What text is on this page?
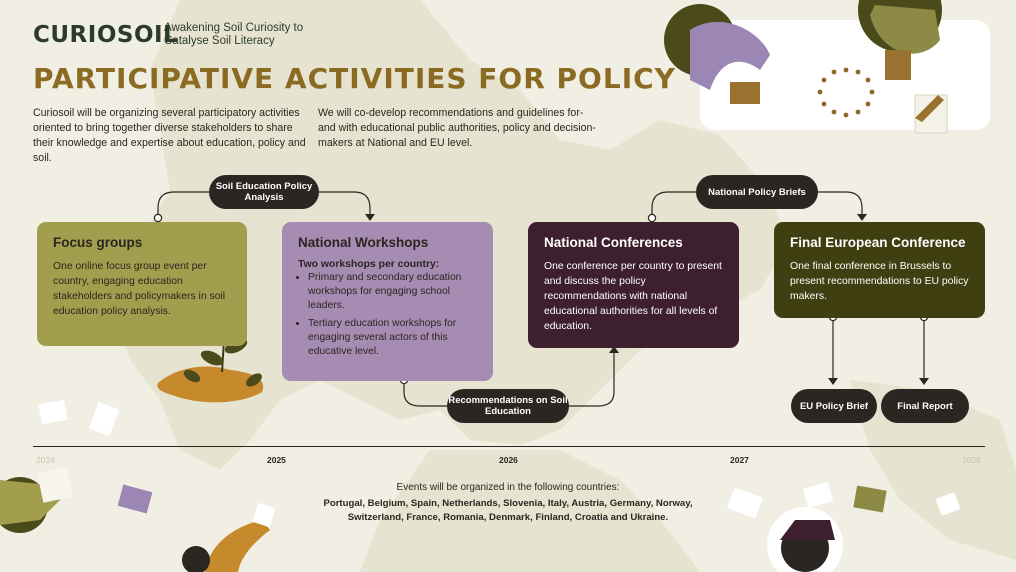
CURIOSOIL
Awakening Soil Curiosity to Catalyse Soil Literacy
PARTICIPATIVE ACTIVITIES FOR POLICY
Curiosoil will be organizing several participatory activities oriented to bring together diverse stakeholders to share their knowledge and expertise about education, policy and soil.
We will co-develop recommendations and guidelines for- and with educational public authorities, policy and decision-makers at National and EU level.
Focus groups

One online focus group event per country, engaging education stakeholders and policymakers in soil education policy analysis.

National Workshops
Two workshops per country:
• Primary and secondary education workshops for engaging school leaders.
• Tertiary education workshops for engaging several actors of this educative level.
National Conferences

One conference per country to present and discuss the policy recommendations with national educational authorities for all levels of education.

Final European Conference

One final conference in Brussels to present recommendations to EU policy makers.

Soil Education Policy Analysis
Recommendations on Soil Education
National Policy Briefs
EU Policy Brief	Final Report
2024	2025	2026	2027	2028
Events will be organized in the following countries:
Portugal, Belgium, Spain, Netherlands, Slovenia, Italy, Austria, Germany, Norway, Switzerland, France, Romania, Denmark, Finland, Croatia and Ukraine.
